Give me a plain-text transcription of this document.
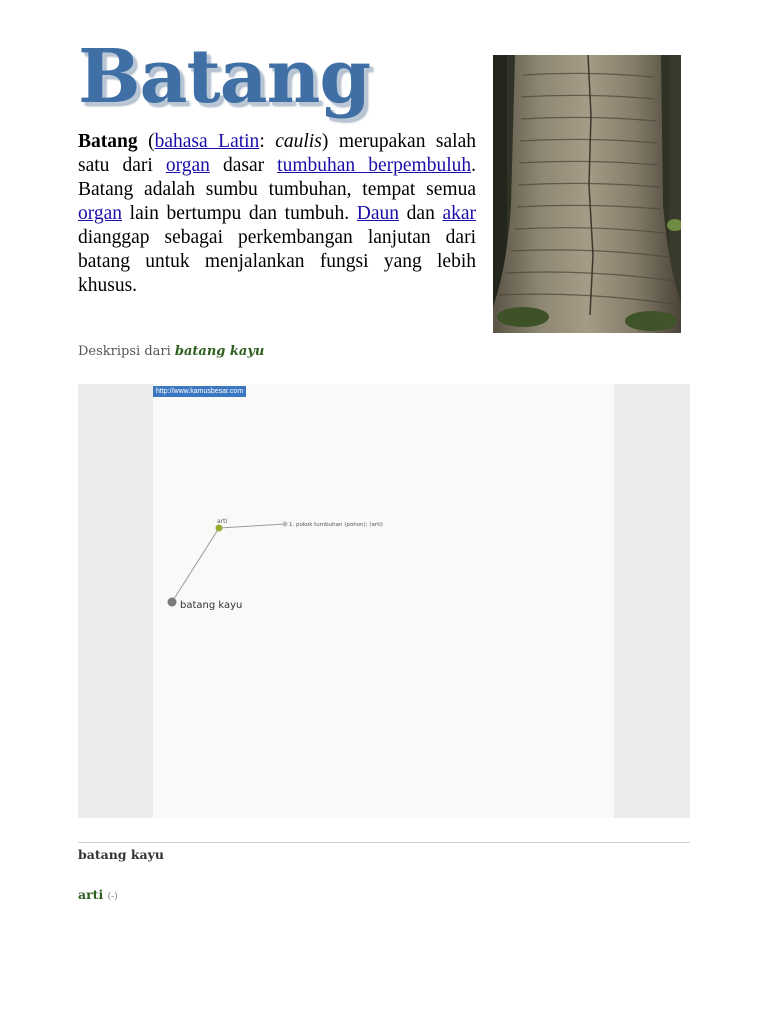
Batang

Batang (bahasa Latin: caulis) merupakan salah satu dari organ dasar tumbuhan berpembuluh. Batang adalah sumbu tumbuhan, tempat semua organ lain bertumpu dan tumbuh. Daun dan akar dianggap sebagai perkembangan lanjutan dari batang untuk menjalankan fungsi yang lebih khusus.

Deskripsi dari batang kayu
http://www.kamusbesar.com
batang kayu
arti	1. pokok tumbuhan (pohon); (arti)
batang kayu
arti (-)
